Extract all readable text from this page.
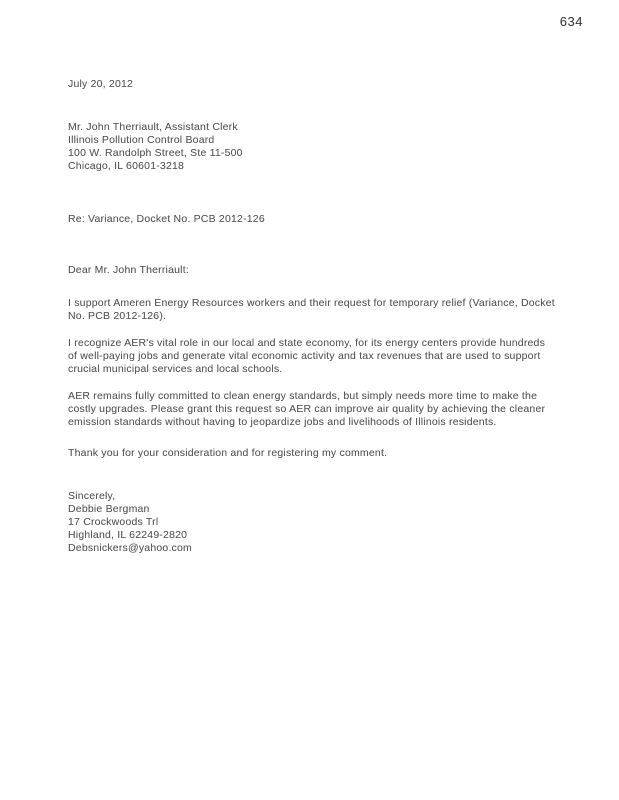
634
July 20, 2012
Mr. John Therriault, Assistant Clerk
Illinois Pollution Control Board
100 W. Randolph Street, Ste 11-500
Chicago, IL 60601-3218
Re: Variance, Docket No. PCB 2012-126
Dear Mr. John Therriault:
I support Ameren Energy Resources workers and their request for temporary relief (Variance, Docket No. PCB 2012-126).
I recognize AER's vital role in our local and state economy, for its energy centers provide hundreds of well-paying jobs and generate vital economic activity and tax revenues that are used to support crucial municipal services and local schools.
AER remains fully committed to clean energy standards, but simply needs more time to make the costly upgrades. Please grant this request so AER can improve air quality by achieving the cleaner emission standards without having to jeopardize jobs and livelihoods of Illinois residents.
Thank you for your consideration and for registering my comment.
Sincerely,
Debbie Bergman
17 Crockwoods Trl
Highland, IL 62249-2820
Debsnickers@yahoo.com
